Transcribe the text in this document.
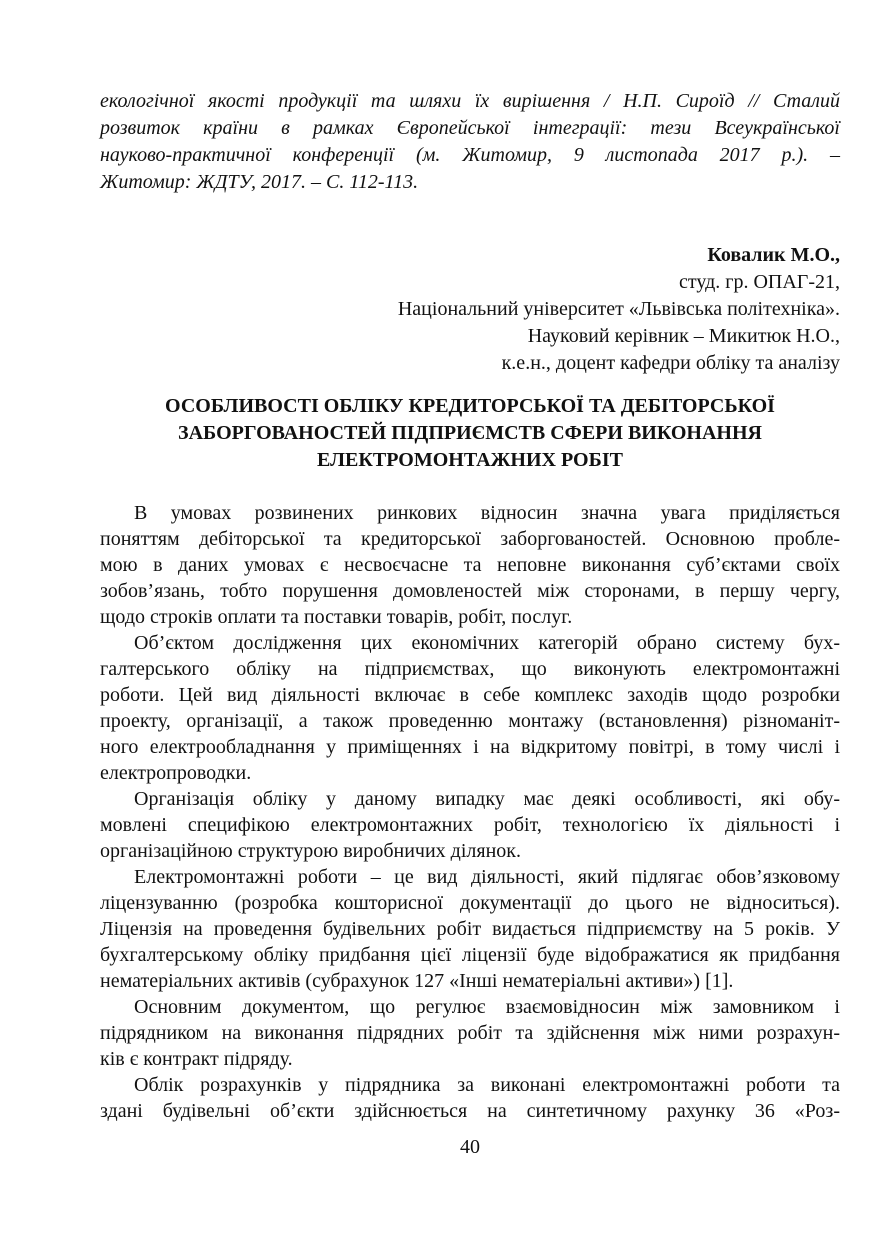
екологічної якості продукції та шляхи їх вирішення / Н.П. Сироїд // Сталий
розвиток країни в рамках Європейської інтеграції: тези Всеукраїнської
науково-практичної конференції (м. Житомир, 9 листопада 2017 р.). –
Житомир: ЖДТУ, 2017. – С. 112-113.
Ковалик М.О.,
студ. гр. ОПАГ-21,
Національний університет «Львівська політехніка».
Науковий керівник – Микитюк Н.О.,
к.е.н., доцент кафедри обліку та аналізу
ОСОБЛИВОСТІ ОБЛІКУ КРЕДИТОРСЬКОЇ ТА ДЕБІТОРСЬКОЇ
ЗАБОРГОВАНОСТЕЙ ПІДПРИЄМСТВ СФЕРИ ВИКОНАННЯ
ЕЛЕКТРОМОНТАЖНИХ РОБІТ
В умовах розвинених ринкових відносин значна увага приділяється
поняттям дебіторської та кредиторської заборгованостей. Основною пробле-
мою в даних умовах є несвоєчасне та неповне виконання суб’єктами своїх
зобов’язань, тобто порушення домовленостей між сторонами, в першу чергу,
щодо строків оплати та поставки товарів, робіт, послуг.
Об’єктом дослідження цих економічних категорій обрано систему бух-
галтерського обліку на підприємствах, що виконують електромонтажні
роботи. Цей вид діяльності включає в себе комплекс заходів щодо розробки
проекту, організації, а також проведенню монтажу (встановлення) різноманіт-
ного електрообладнання у приміщеннях і на відкритому повітрі, в тому числі і
електропроводки.
Організація обліку у даному випадку має деякі особливості, які обу-
мовлені специфікою електромонтажних робіт, технологією їх діяльності і
організаційною структурою виробничих ділянок.
Електромонтажні роботи – це вид діяльності, який підлягає обов’язковому
ліцензуванню (розробка кошторисної документації до цього не відноситься).
Ліцензія на проведення будівельних робіт видається підприємству на 5 років. У
бухгалтерському обліку придбання цієї ліцензії буде відображатися як придбання
нематеріальних активів (субрахунок 127 «Інші нематеріальні активи») [1].
Основним документом, що регулює взаємовідносин між замовником і
підрядником на виконання підрядних робіт та здійснення між ними розрахун-
ків є контракт підряду.
Облік розрахунків у підрядника за виконані електромонтажні роботи та
здані будівельні об’єкти здійснюється на синтетичному рахунку 36 «Роз-
40
